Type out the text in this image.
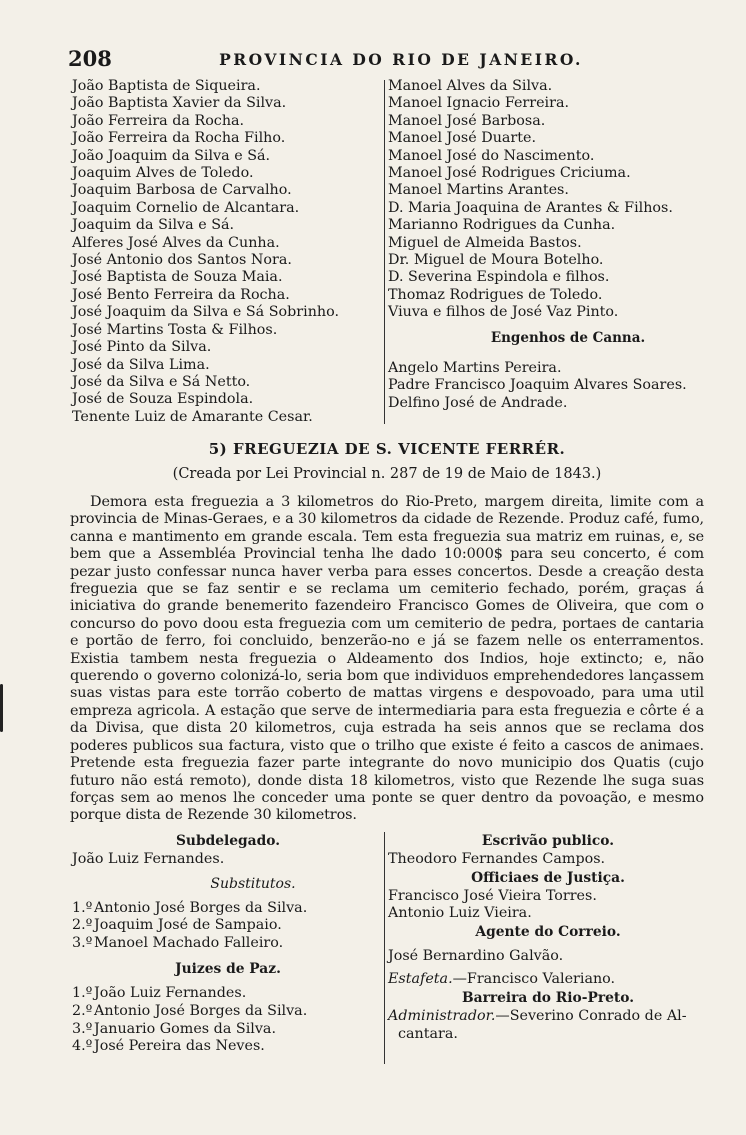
208	PROVINCIA DO RIO DE JANEIRO.
João Baptista de Siqueira.
João Baptista Xavier da Silva.
João Ferreira da Rocha.
João Ferreira da Rocha Filho.
João Joaquim da Silva e Sá.
Joaquim Alves de Toledo.
Joaquim Barbosa de Carvalho.
Joaquim Cornelio de Alcantara.
Joaquim da Silva e Sá.
Alferes José Alves da Cunha.
José Antonio dos Santos Nora.
José Baptista de Souza Maia.
José Bento Ferreira da Rocha.
José Joaquim da Silva e Sá Sobrinho.
José Martins Tosta & Filhos.
José Pinto da Silva.
José da Silva Lima.
José da Silva e Sá Netto.
José de Souza Espindola.
Tenente Luiz de Amarante Cesar.
Manoel Alves da Silva.
Manoel Ignacio Ferreira.
Manoel José Barbosa.
Manoel José Duarte.
Manoel José do Nascimento.
Manoel José Rodrigues Criciuma.
Manoel Martins Arantes.
D. Maria Joaquina de Arantes & Filhos.
Marianno Rodrigues da Cunha.
Miguel de Almeida Bastos.
Dr. Miguel de Moura Botelho.
D. Severina Espindola e filhos.
Thomaz Rodrigues de Toledo.
Viuva e filhos de José Vaz Pinto.
Engenhos de Canna.
Angelo Martins Pereira.
Padre Francisco Joaquim Alvares Soares.
Delfino José de Andrade.
5) FREGUEZIA DE S. VICENTE FERRÉR.
(Creada por Lei Provincial n. 287 de 19 de Maio de 1843.)
Demora esta freguezia a 3 kilometros do Rio-Preto, margem direita, limite com a provincia de Minas-Geraes, e a 30 kilometros da cidade de Rezende. Produz café, fumo, canna e mantimento em grande escala. Tem esta freguezia sua matriz em ruinas, e, se bem que a Assembléa Provincial tenha lhe dado 10:000$ para seu concerto, é com pezar justo confessar nunca haver verba para esses concertos. Desde a creação desta freguezia que se faz sentir e se reclama um cemiterio fechado, porém, graças á iniciativa do grande benemerito fazendeiro Francisco Gomes de Oliveira, que com o concurso do povo doou esta freguezia com um cemiterio de pedra, portaes de cantaria e portão de ferro, foi concluido, benzerão-no e já se fazem nelle os enterramentos. Existia tambem nesta freguezia o Aldeamento dos Indios, hoje extincto; e, não querendo o governo colonizá-lo, seria bom que individuos emprehendedores lançassem suas vistas para este torrão coberto de mattas virgens e despovoado, para uma util empreza agricola. A estação que serve de intermediaria para esta freguezia e côrte é a da Divisa, que dista 20 kilometros, cuja estrada ha seis annos que se reclama dos poderes publicos sua factura, visto que o trilho que existe é feito a cascos de animaes. Pretende esta freguezia fazer parte integrante do novo municipio dos Quatis (cujo futuro não está remoto), donde dista 18 kilometros, visto que Rezende lhe suga suas forças sem ao menos lhe conceder uma ponte se quer dentro da povoação, e mesmo porque dista de Rezende 30 kilometros.
Subdelegado.
João Luiz Fernandes.
Substitutos.
1.º Antonio José Borges da Silva.
2.º Joaquim José de Sampaio.
3.º Manoel Machado Falleiro.
Juizes de Paz.
1.º João Luiz Fernandes.
2.º Antonio José Borges da Silva.
3.º Januario Gomes da Silva.
4.º José Pereira das Neves.
Escrivão publico.
Theodoro Fernandes Campos.
Officiaes de Justiça.
Francisco José Vieira Torres.
Antonio Luiz Vieira.
Agente do Correio.
José Bernardino Galvão.
Estafeta.—Francisco Valeriano.
Barreira do Rio-Preto.
Administrador.—Severino Conrado de Al-
cantara.
